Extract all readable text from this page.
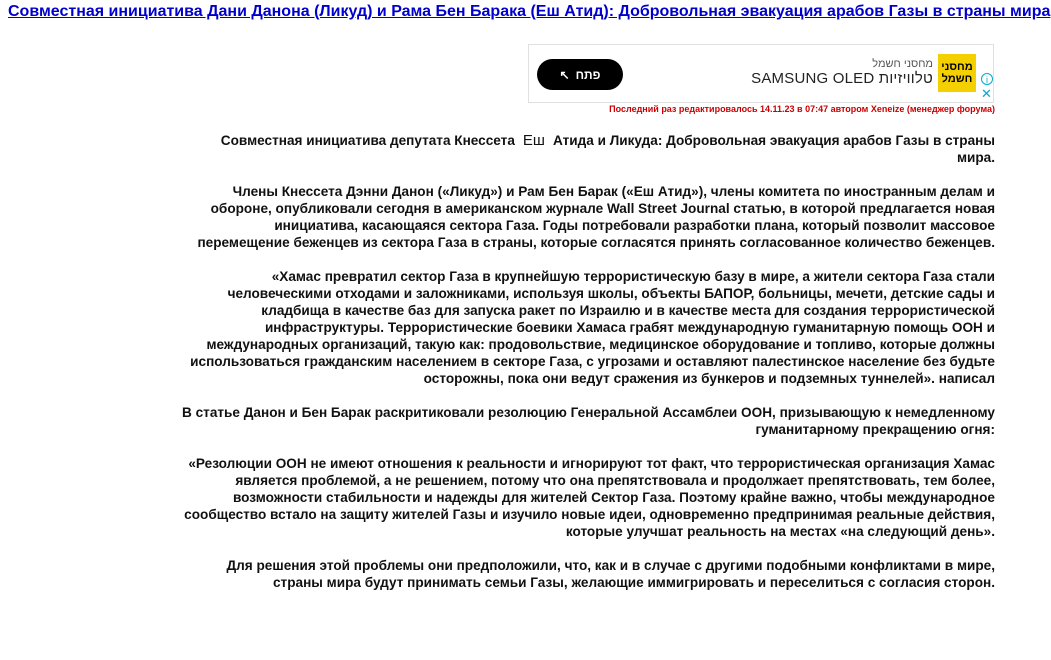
Совместная инициатива Дани Данона (Ликуд) и Рама Бен Барака (Еш Атид): Добровольная эвакуация арабов Газы в страны мира
↖ פתח
מחסני חשמל
SAMSUNG OLED טלוויזיות
מחסני
חשמל	i
✕
Последний раз редактировалось 14.11.23 в 07:47 автором Xeneize (менеджер форума)

Совместная инициатива депутата Кнессета Еш Атида и Ликуда: Добровольная эвакуация арабов Газы в страны мира.

Члены Кнессета Дэнни Данон («Ликуд») и Рам Бен Барак («Еш Атид»), члены комитета по иностранным делам и обороне, опубликовали сегодня в американском журнале Wall Street Journal статью, в которой предлагается новая инициатива, касающаяся сектора Газа. Годы потребовали разработки плана, который позволит массовое перемещение беженцев из сектора Газа в страны, которые согласятся принять согласованное количество беженцев.

«Хамас превратил сектор Газа в крупнейшую террористическую базу в мире, а жители сектора Газа стали человеческими отходами и заложниками, используя школы, объекты БАПОР, больницы, мечети, детские сады и кладбища в качестве баз для запуска ракет по Израилю и в качестве места для создания террористической инфраструктуры. Террористические боевики Хамаса грабят международную гуманитарную помощь ООН и международных организаций, такую как: продовольствие, медицинское оборудование и топливо, которые должны использоваться гражданским населением в секторе Газа, с угрозами и оставляют палестинское население без будьте осторожны, пока они ведут сражения из бункеров и подземных туннелей». написал

В статье Данон и Бен Барак раскритиковали резолюцию Генеральной Ассамблеи ООН, призывающую к немедленному гуманитарному прекращению огня:

«Резолюции ООН не имеют отношения к реальности и игнорируют тот факт, что террористическая организация Хамас является проблемой, а не решением, потому что она препятствовала и продолжает препятствовать, тем более, возможности стабильности и надежды для жителей Сектор Газа. Поэтому крайне важно, чтобы международное сообщество встало на защиту жителей Газы и изучило новые идеи, одновременно предпринимая реальные действия, которые улучшат реальность на местах «на следующий день».

Для решения этой проблемы они предположили, что, как и в случае с другими подобными конфликтами в мире, страны мира будут принимать семьи Газы, желающие иммигрировать и переселиться с согласия сторон.
